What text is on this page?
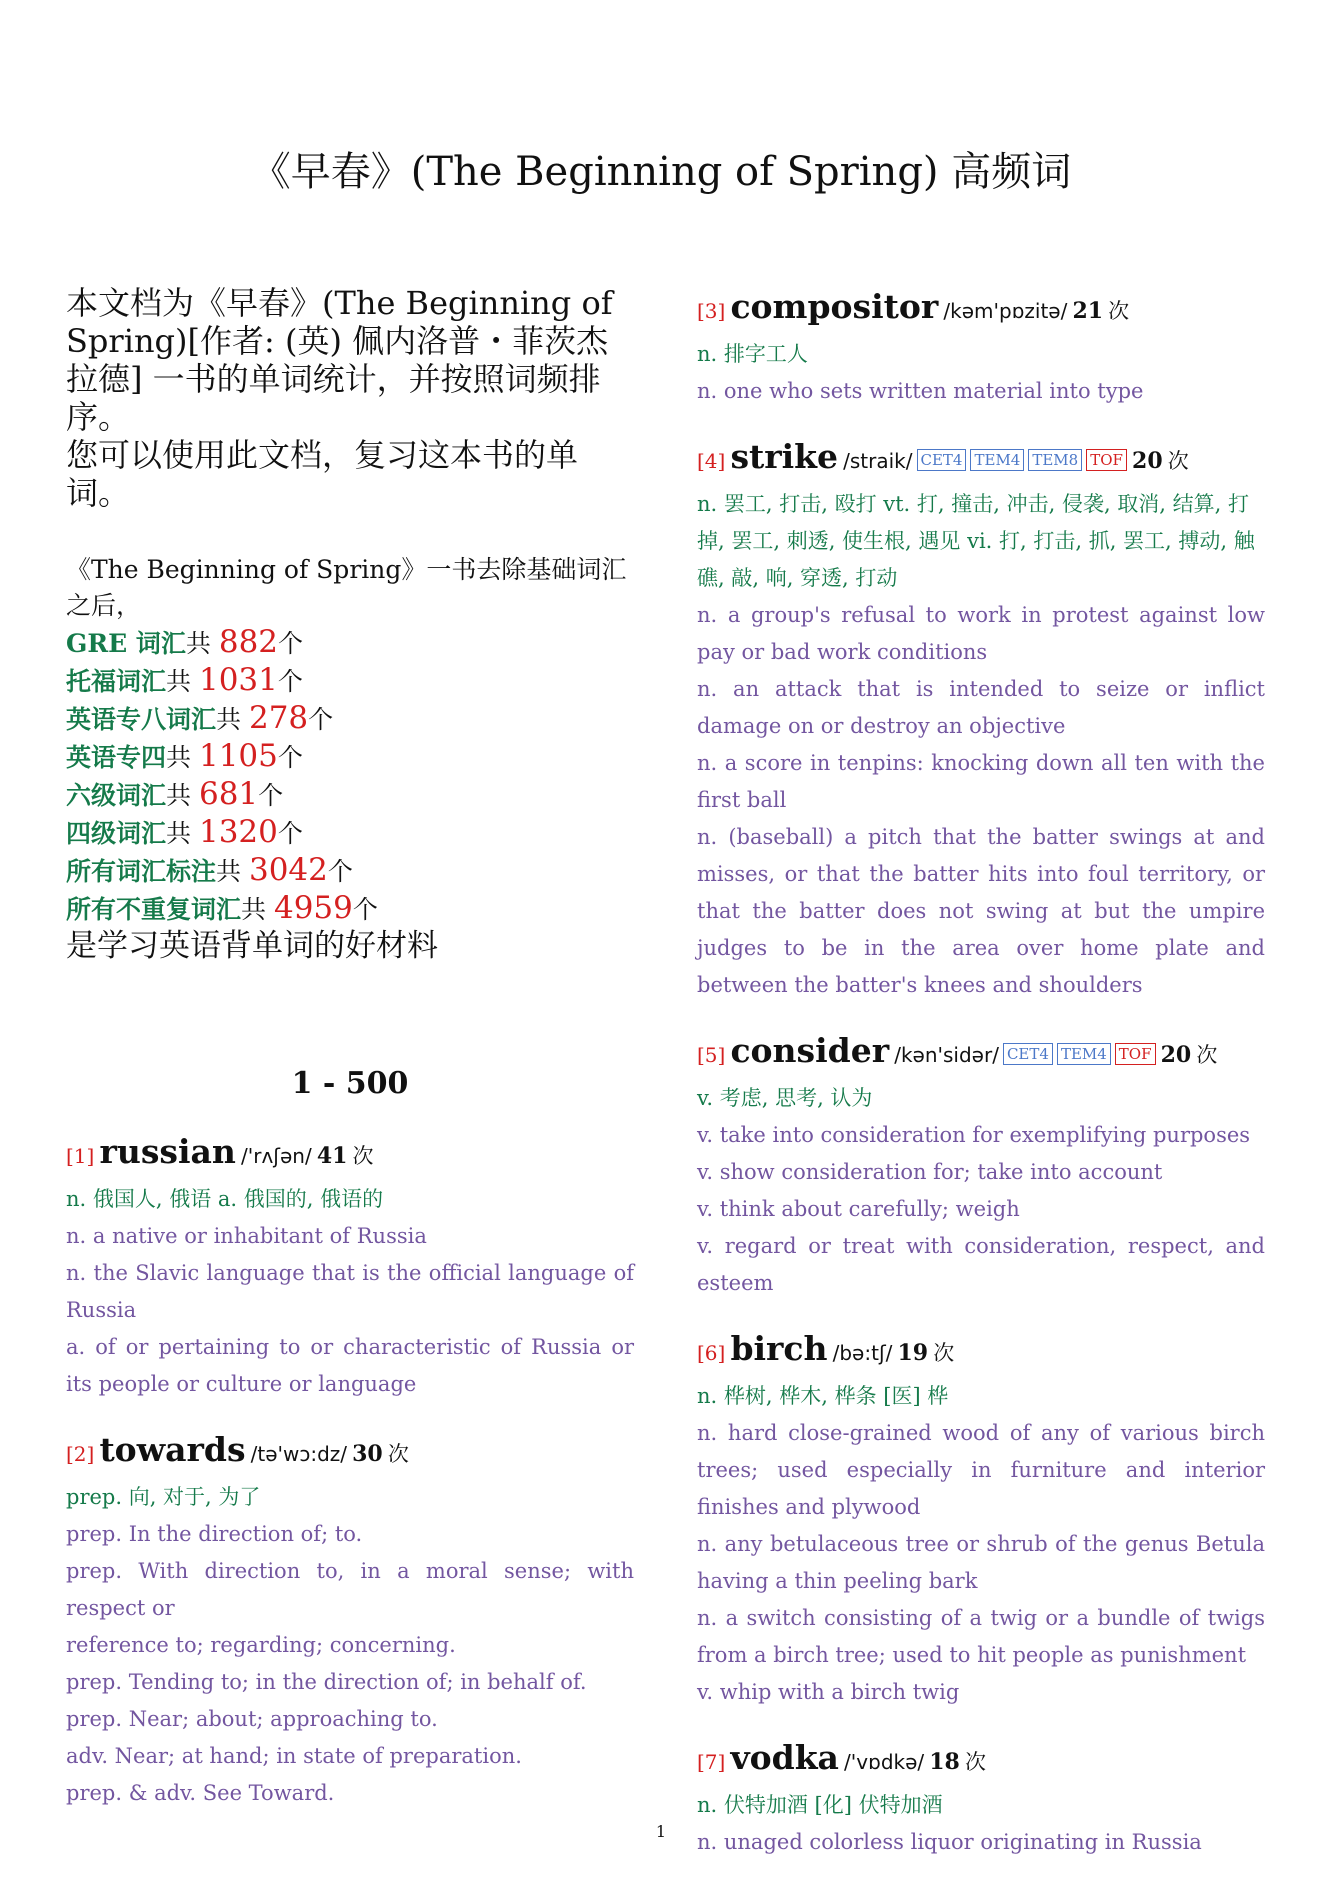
《早春》(The Beginning of Spring) 高频词

本文档为《早春》(The Beginning of Spring)[作者: (英) 佩内洛普・菲茨杰拉德] 一书的单词统计，并按照词频排序。

您可以使用此文档，复习这本书的单词。

《The Beginning of Spring》一书去除基础词汇之后，
GRE 词汇共 882个
托福词汇共 1031个
英语专八词汇共 278个
英语专四共 1105个
六级词汇共 681个
四级词汇共 1320个
所有词汇标注共 3042个
所有不重复词汇共 4959个
是学习英语背单词的好材料
1 - 500
[1] russian /'rʌʃən/ 41 次

n. 俄国人, 俄语 a. 俄国的, 俄语的

n. a native or inhabitant of Russia

n. the Slavic language that is the official language of Russia

a. of or pertaining to or characteristic of Russia or its people or culture or language

[2] towards /tə'wɔ:dz/ 30 次

prep. 向, 对于, 为了

prep. In the direction of; to.

prep. With direction to, in a moral sense; with respect or

reference to; regarding; concerning.

prep. Tending to; in the direction of; in behalf of.

prep. Near; about; approaching to.

adv. Near; at hand; in state of preparation.

prep. & adv. See Toward.

[3] compositor /kəm'pɒzitə/ 21 次

n. 排字工人

n. one who sets written material into type

[4] strike /straik/ CET4 TEM4 TEM8 TOF 20 次

n. 罢工, 打击, 殴打 vt. 打, 撞击, 冲击, 侵袭, 取消, 结算, 打掉, 罢工, 刺透, 使生根, 遇见 vi. 打, 打击, 抓, 罢工, 搏动, 触礁, 敲, 响, 穿透, 打动

n. a group's refusal to work in protest against low pay or bad work conditions

n. an attack that is intended to seize or inflict damage on or destroy an objective

n. a score in tenpins: knocking down all ten with the first ball

n. (baseball) a pitch that the batter swings at and misses, or that the batter hits into foul territory, or that the batter does not swing at but the umpire judges to be in the area over home plate and between the batter's knees and shoulders

[5] consider /kən'sidər/ CET4 TEM4 TOF 20 次

v. 考虑, 思考, 认为

v. take into consideration for exemplifying purposes

v. show consideration for; take into account

v. think about carefully; weigh

v. regard or treat with consideration, respect, and esteem

[6] birch /bə:tʃ/ 19 次

n. 桦树, 桦木, 桦条 [医] 桦

n. hard close-grained wood of any of various birch trees; used especially in furniture and interior finishes and plywood

n. any betulaceous tree or shrub of the genus Betula having a thin peeling bark

n. a switch consisting of a twig or a bundle of twigs from a birch tree; used to hit people as punishment

v. whip with a birch twig

[7] vodka /'vɒdkə/ 18 次

n. 伏特加酒 [化] 伏特加酒

n. unaged colorless liquor originating in Russia

1
